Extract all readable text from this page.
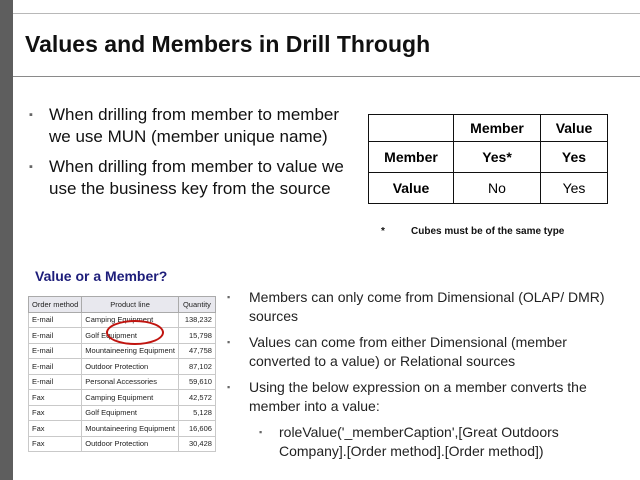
Values and Members in Drill Through
▪ When drilling from member to member we use MUN (member unique name)
▪ When drilling from member to value we use the business key from the source
	Member	Value
Member	Yes*	Yes
Value	No	Yes
*	Cubes must be of the same type
Value or a Member?
Order method	Product line	Quantity
E-mail	Camping Equipment	138,232
E-mail	Golf Equipment	15,798
E-mail	Mountaineering Equipment	47,758
E-mail	Outdoor Protection	87,102
E-mail	Personal Accessories	59,610
Fax	Camping Equipment	42,572
Fax	Golf Equipment	5,128
Fax	Mountaineering Equipment	16,606
Fax	Outdoor Protection	30,428
▪ Members can only come from Dimensional (OLAP/ DMR) sources
▪ Values can come from either Dimensional (member converted to a value) or Relational sources
▪ Using the below expression on a member converts the member into a value:
▪ roleValue('_memberCaption',[Great Outdoors Company].[Order method].[Order method])
